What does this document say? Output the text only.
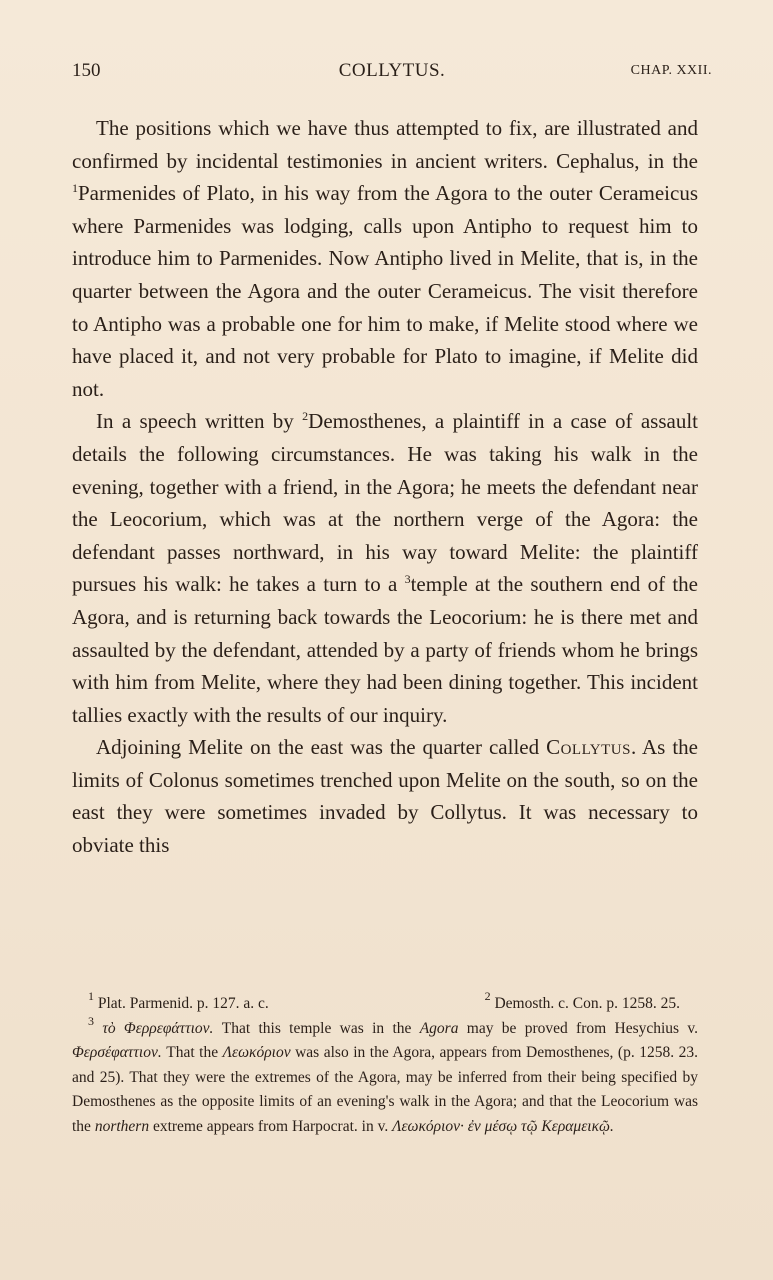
150	COLLYTUS.	CHAP. XXII.

The positions which we have thus attempted to fix, are illustrated and confirmed by incidental testimonies in ancient writers. Cephalus, in the $^1$Parmenides of Plato, in his way from the Agora to the outer Cerameicus where Parmenides was lodging, calls upon Antipho to request him to introduce him to Parmenides. Now Antipho lived in Melite, that is, in the quarter between the Agora and the outer Cerameicus. The visit therefore to Antipho was a probable one for him to make, if Melite stood where we have placed it, and not very probable for Plato to imagine, if Melite did not.

In a speech written by $^2$Demosthenes, a plaintiff in a case of assault details the following circumstances. He was taking his walk in the evening, together with a friend, in the Agora; he meets the defendant near the Leocorium, which was at the northern verge of the Agora: the defendant passes northward, in his way toward Melite: the plaintiff pursues his walk: he takes a turn to a $^3$temple at the southern end of the Agora, and is returning back towards the Leocorium: he is there met and assaulted by the defendant, attended by a party of friends whom he brings with him from Melite, where they had been dining together. This incident tallies exactly with the results of our inquiry.

Adjoining Melite on the east was the quarter called Collytus. As the limits of Colonus sometimes trenched upon Melite on the south, so on the east they were sometimes invaded by Collytus. It was necessary to obviate this

$^1$ Plat. Parmenid. p. 127. a. c.	$^2$ Demosth. c. Con. p. 1258. 25.

$^3$ τὸ Φερρεφάττιον. That this temple was in the Agora may be proved from Hesychius v. Φερσέφαττιον. That the Λεωκόριον was also in the Agora, appears from Demosthenes, (p. 1258. 23. and 25). That they were the extremes of the Agora, may be inferred from their being specified by Demosthenes as the opposite limits of an evening's walk in the Agora; and that the Leocorium was the northern extreme appears from Harpocrat. in v. Λεωκόριον· ἐν μέσῳ τῷ Κεραμεικῷ.
